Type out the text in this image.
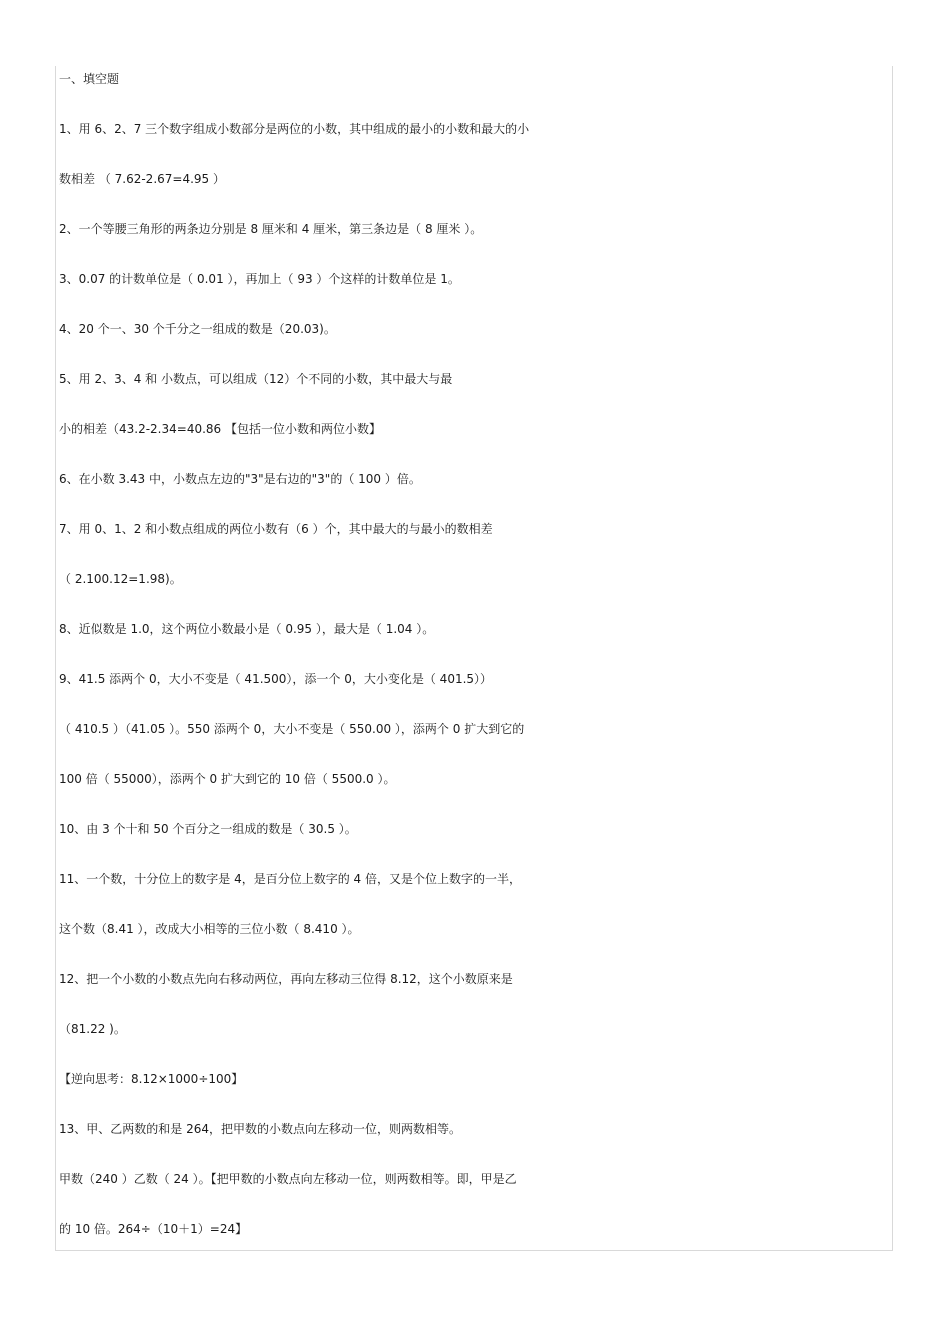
一、填空题
1、用 6、2、7 三个数字组成小数部分是两位的小数，其中组成的最小的小数和最大的小
数相差 （ 7.62-2.67=4.95 ）
2、一个等腰三角形的两条边分别是 8 厘米和 4 厘米，第三条边是（ 8 厘米 ）。
3、0.07 的计数单位是（ 0.01 ），再加上（ 93 ）个这样的计数单位是 1。
4、20 个一、30 个千分之一组成的数是（20.03)。
5、用 2、3、4 和 小数点，可以组成（12）个不同的小数，其中最大与最
小的相差（43.2-2.34=40.86 【包括一位小数和两位小数】
6、在小数 3.43 中，小数点左边的"3"是右边的"3"的（ 100 ）倍。
7、用 0、1、2 和小数点组成的两位小数有（6 ）个，其中最大的与最小的数相差
（ 2.100.12=1.98)。
8、近似数是 1.0，这个两位小数最小是（ 0.95 ），最大是（ 1.04 ）。
9、41.5 添两个 0，大小不变是（ 41.500），添一个 0，大小变化是（ 401.5））
（ 410.5 ）（41.05 ）。550 添两个 0，大小不变是（ 550.00 ），添两个 0 扩大到它的
100 倍（ 55000），添两个 0 扩大到它的 10 倍（ 5500.0 ）。
10、由 3 个十和 50 个百分之一组成的数是（ 30.5 ）。
11、一个数，十分位上的数字是 4，是百分位上数字的 4 倍，又是个位上数字的一半，
这个数（8.41 ），改成大小相等的三位小数（ 8.410 ）。
12、把一个小数的小数点先向右移动两位，再向左移动三位得 8.12，这个小数原来是
（81.22 )。
【逆向思考：8.12×1000÷100】
13、甲、乙两数的和是 264，把甲数的小数点向左移动一位，则两数相等。
甲数（240 ）乙数（ 24 ）。【把甲数的小数点向左移动一位，则两数相等。即，甲是乙
的 10 倍。264÷（10＋1）=24】
